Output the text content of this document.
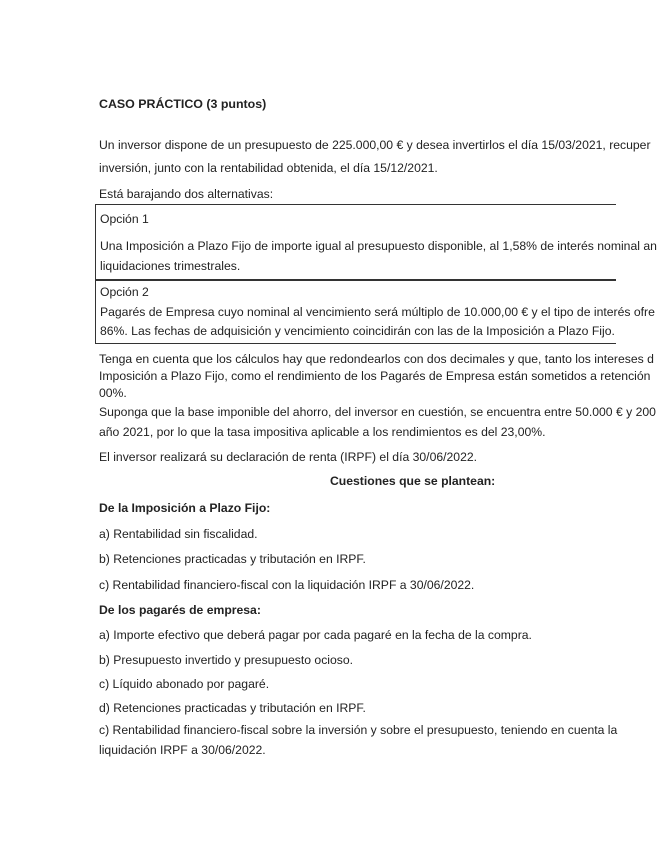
CASO PRÁCTICO (3 puntos)
Un inversor dispone de un presupuesto de 225.000,00 € y desea invertirlos el día 15/03/2021, recuper
inversión, junto con la rentabilidad obtenida, el día 15/12/2021.
Está barajando dos alternativas:
Opción 1
Una Imposición a Plazo Fijo de importe igual al presupuesto disponible, al 1,58% de interés nominal an
liquidaciones trimestrales.
Opción 2
Pagarés de Empresa cuyo nominal al vencimiento será múltiplo de 10.000,00 € y el tipo de interés ofre
86%. Las fechas de adquisición y vencimiento coincidirán con las de la Imposición a Plazo Fijo.
Tenga en cuenta que los cálculos hay que redondearlos con dos decimales y que, tanto los intereses d
Imposición a Plazo Fijo, como el rendimiento de los Pagarés de Empresa están sometidos a retención
00%.
Suponga que la base imponible del ahorro, del inversor en cuestión, se encuentra entre 50.000 € y 200
año 2021, por lo que la tasa impositiva aplicable a los rendimientos es del 23,00%.
El inversor realizará su declaración de renta (IRPF) el día 30/06/2022.
Cuestiones que se plantean:
De la Imposición a Plazo Fijo:
a) Rentabilidad sin fiscalidad.
b) Retenciones practicadas y tributación en IRPF.
c) Rentabilidad financiero-fiscal con la liquidación IRPF a 30/06/2022.
De los pagarés de empresa:
a) Importe efectivo que deberá pagar por cada pagaré en la fecha de la compra.
b) Presupuesto invertido y presupuesto ocioso.
c) Líquido abonado por pagaré.
d) Retenciones practicadas y tributación en IRPF.
c) Rentabilidad financiero-fiscal sobre la inversión y sobre el presupuesto, teniendo en cuenta la
liquidación IRPF a 30/06/2022.
